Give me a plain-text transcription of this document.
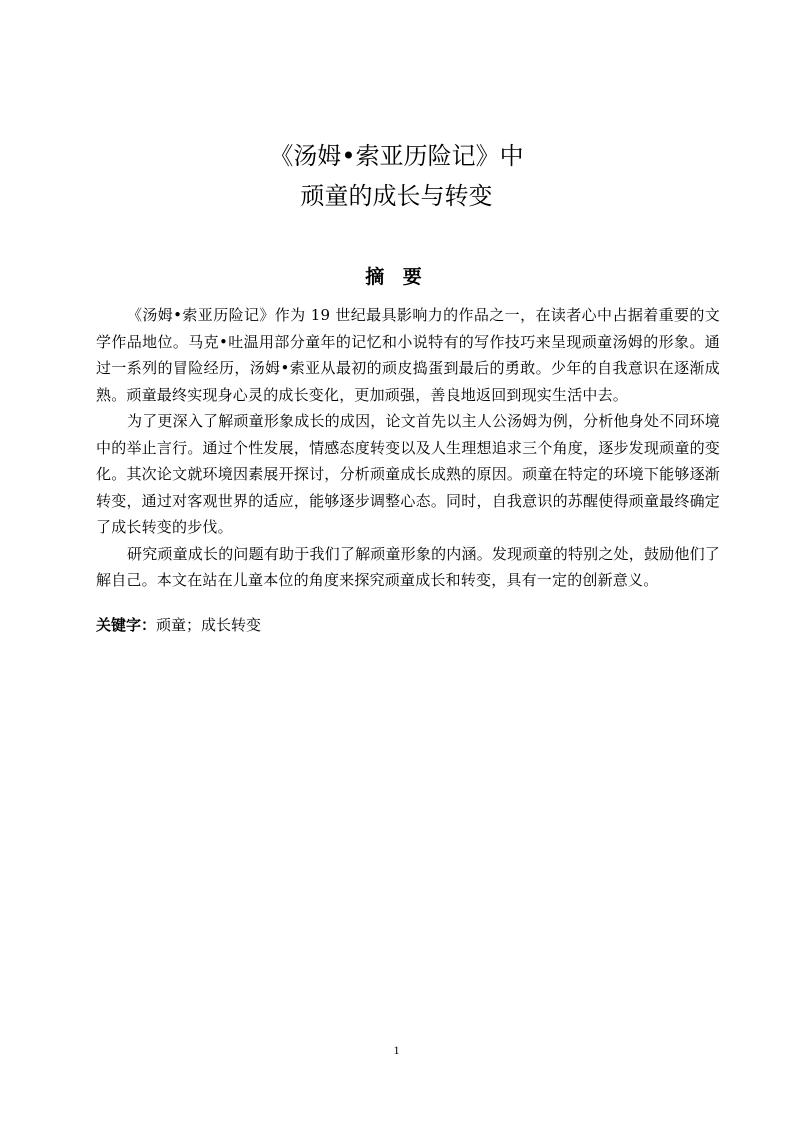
《汤姆•索亚历险记》中
顽童的成长与转变
摘 要

《汤姆•索亚历险记》作为 19 世纪最具影响力的作品之一，在读者心中占据着重要的文学作品地位。马克•吐温用部分童年的记忆和小说特有的写作技巧来呈现顽童汤姆的形象。通过一系列的冒险经历，汤姆•索亚从最初的顽皮捣蛋到最后的勇敢。少年的自我意识在逐渐成熟。顽童最终实现身心灵的成长变化，更加顽强，善良地返回到现实生活中去。

为了更深入了解顽童形象成长的成因，论文首先以主人公汤姆为例，分析他身处不同环境中的举止言行。通过个性发展，情感态度转变以及人生理想追求三个角度，逐步发现顽童的变化。其次论文就环境因素展开探讨，分析顽童成长成熟的原因。顽童在特定的环境下能够逐渐转变，通过对客观世界的适应，能够逐步调整心态。同时，自我意识的苏醒使得顽童最终确定了成长转变的步伐。

研究顽童成长的问题有助于我们了解顽童形象的内涵。发现顽童的特别之处，鼓励他们了解自己。本文在站在儿童本位的角度来探究顽童成长和转变，具有一定的创新意义。

关键字：顽童；成长转变
1
